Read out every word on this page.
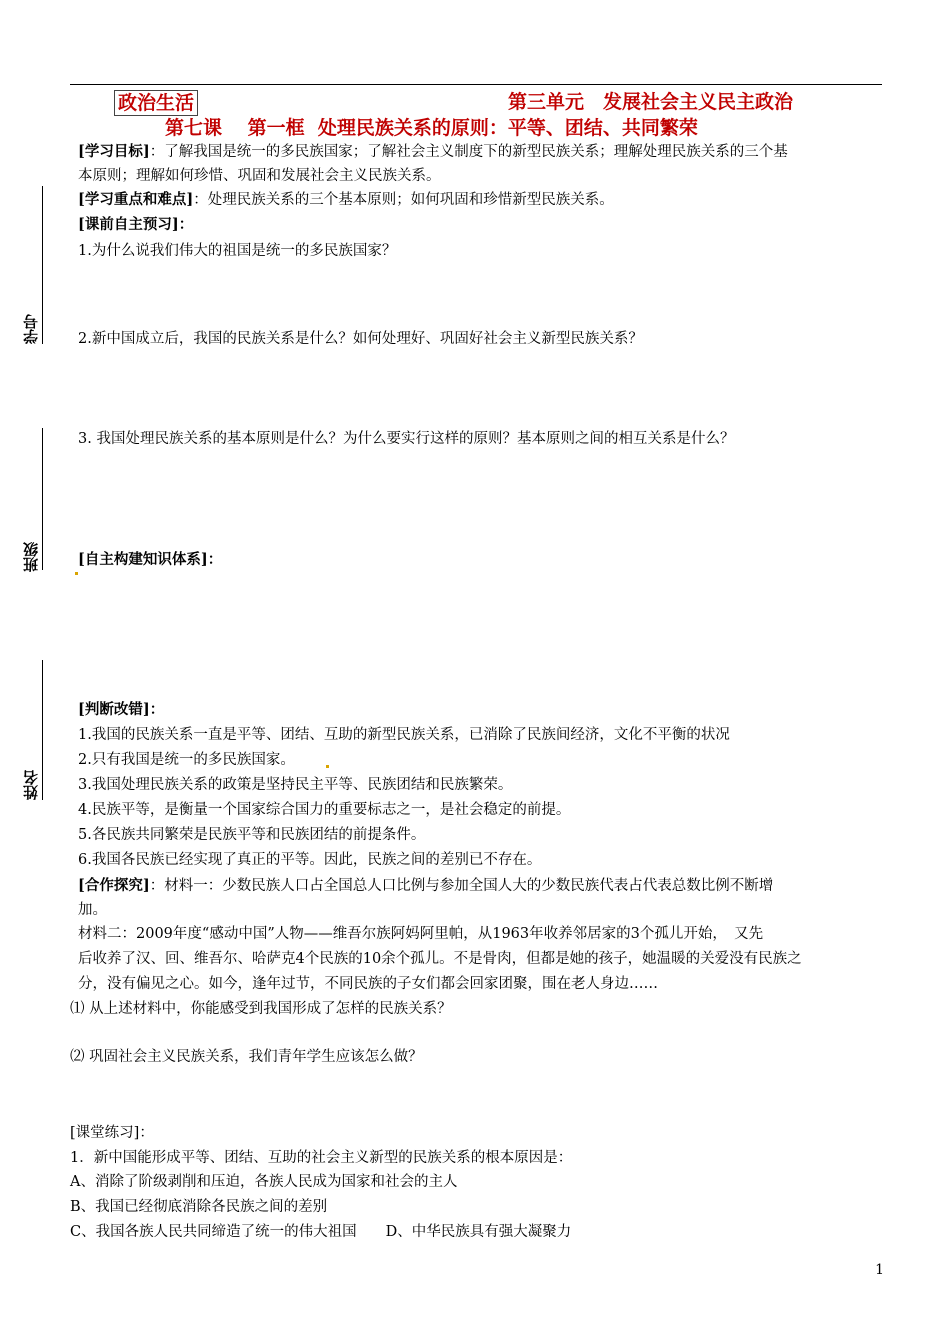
政治生活	第三单元　发展社会主义民主政治
第七课　 第一框  处理民族关系的原则：平等、团结、共同繁荣
学号
班级
姓名
[学习目标]：了解我国是统一的多民族国家；了解社会主义制度下的新型民族关系；理解处理民族关系的三个基
本原则；理解如何珍惜、巩固和发展社会主义民族关系。
[学习重点和难点]：处理民族关系的三个基本原则；如何巩固和珍惜新型民族关系。
[课前自主预习]：
1.为什么说我们伟大的祖国是统一的多民族国家？
2.新中国成立后，我国的民族关系是什么？如何处理好、巩固好社会主义新型民族关系？
3. 我国处理民族关系的基本原则是什么？为什么要实行这样的原则？基本原则之间的相互关系是什么？
[自主构建知识体系]：
[判断改错]：
1.我国的民族关系一直是平等、团结、互助的新型民族关系，已消除了民族间经济，文化不平衡的状况
2.只有我国是统一的多民族国家。
3.我国处理民族关系的政策是坚持民主平等、民族团结和民族繁荣。
4.民族平等，是衡量一个国家综合国力的重要标志之一，是社会稳定的前提。
5.各民族共同繁荣是民族平等和民族团结的前提条件。
6.我国各民族已经实现了真正的平等。因此，民族之间的差别已不存在。
[合作探究]：材料一：少数民族人口占全国总人口比例与参加全国人大的少数民族代表占代表总数比例不断增
加。
材料二：2009年度“感动中国”人物——维吾尔族阿妈阿里帕，从1963年收养邻居家的3个孤儿开始，　又先
后收养了汉、回、维吾尔、哈萨克4个民族的10余个孤儿。不是骨肉，但都是她的孩子，她温暖的关爱没有民族之
分，没有偏见之心。如今，逢年过节，不同民族的子女们都会回家团聚，围在老人身边……
⑴ 从上述材料中，你能感受到我国形成了怎样的民族关系？
⑵ 巩固社会主义民族关系，我们青年学生应该怎么做？
[课堂练习]：
1．新中国能形成平等、团结、互助的社会主义新型的民族关系的根本原因是：
A、消除了阶级剥削和压迫，各族人民成为国家和社会的主人
B、我国已经彻底消除各民族之间的差别
C、我国各族人民共同缔造了统一的伟大祖国　　D、中华民族具有强大凝聚力
1
